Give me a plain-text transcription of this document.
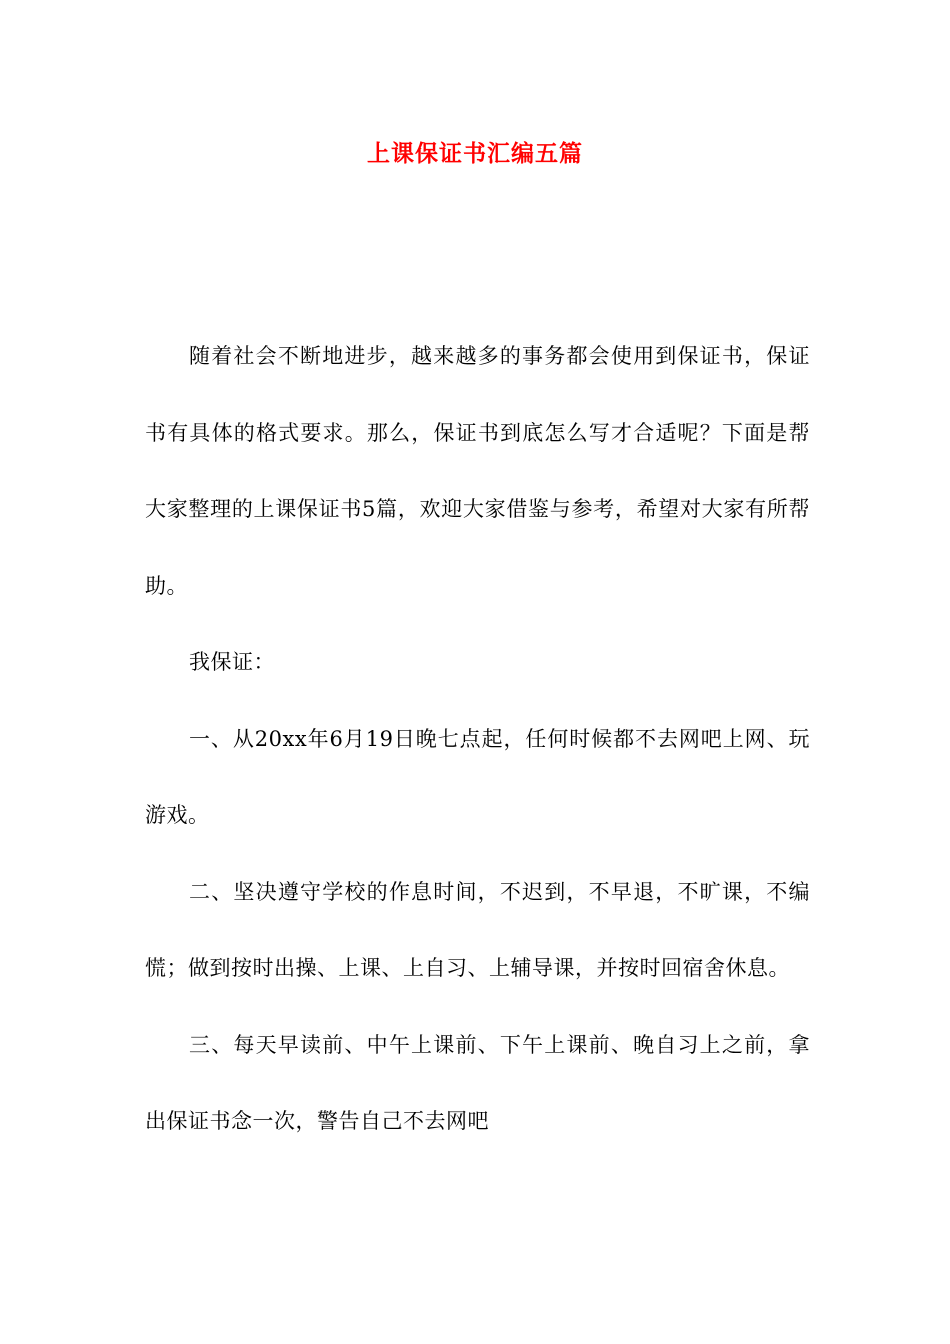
上课保证书汇编五篇

随着社会不断地进步，越来越多的事务都会使用到保证书，保证书有具体的格式要求。那么，保证书到底怎么写才合适呢？下面是帮大家整理的上课保证书5篇，欢迎大家借鉴与参考，希望对大家有所帮助。

我保证：

一、从20xx年6月19日晚七点起，任何时候都不去网吧上网、玩游戏。

二、坚决遵守学校的作息时间，不迟到，不早退，不旷课，不编慌；做到按时出操、上课、上自习、上辅导课，并按时回宿舍休息。

三、每天早读前、中午上课前、下午上课前、晚自习上之前，拿出保证书念一次，警告自己不去网吧
